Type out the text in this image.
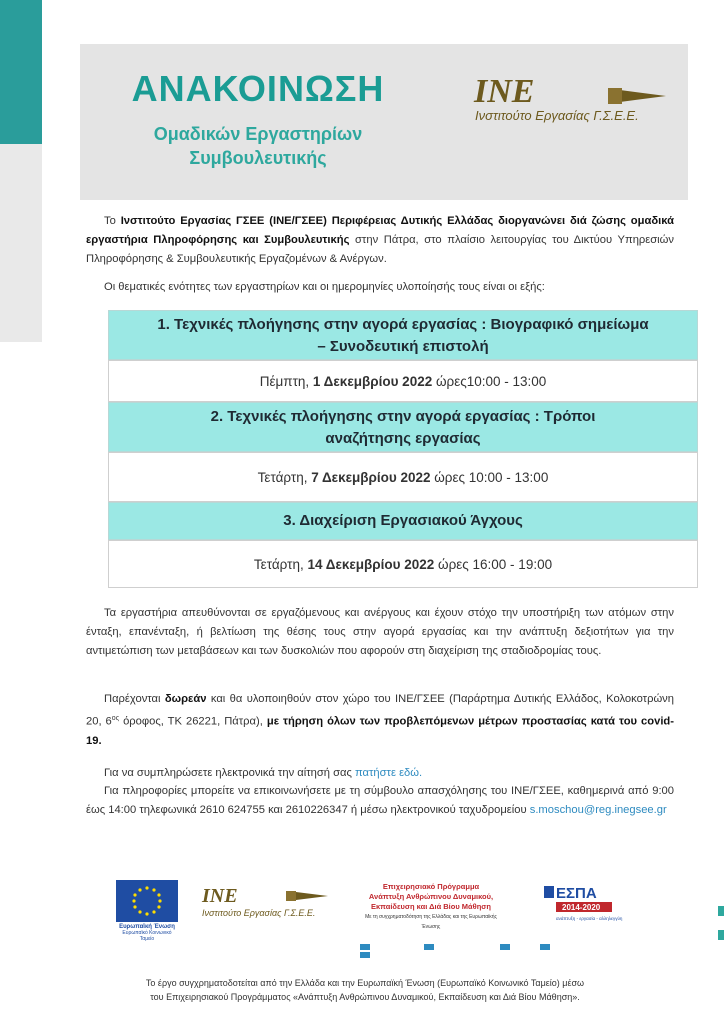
ΑΝΑΚΟΙΝΩΣΗ
Ομαδικών Εργαστηρίων
Συμβουλευτικής
INE
Ινστιτούτο Εργασίας Γ.Σ.Ε.Ε.
Το Ινστιτούτο Εργασίας ΓΣΕΕ (ΙΝΕ/ΓΣΕΕ) Περιφέρειας Δυτικής Ελλάδας διοργανώνει διά ζώσης ομαδικά εργαστήρια Πληροφόρησης και Συμβουλευτικής στην Πάτρα, στο πλαίσιο λειτουργίας του Δικτύου Υπηρεσιών Πληροφόρησης & Συμβουλευτικής Εργαζομένων & Ανέργων.
Οι θεματικές ενότητες των εργαστηρίων και οι ημερομηνίες υλοποίησής τους είναι οι εξής:
1. Τεχνικές πλοήγησης στην αγορά εργασίας : Βιογραφικό σημείωμα
– Συνοδευτική επιστολή
Πέμπτη, 1 Δεκεμβρίου 2022 ώρες10:00 - 13:00
2. Τεχνικές πλοήγησης στην αγορά εργασίας : Τρόποι
αναζήτησης εργασίας
Τετάρτη, 7 Δεκεμβρίου 2022 ώρες 10:00 - 13:00
3. Διαχείριση Εργασιακού Άγχους
Τετάρτη, 14 Δεκεμβρίου 2022 ώρες 16:00 - 19:00
Τα εργαστήρια απευθύνονται σε εργαζόμενους και ανέργους και έχουν στόχο την υποστήριξη των ατόμων στην ένταξη, επανένταξη, ή βελτίωση της θέσης τους στην αγορά εργασίας και την ανάπτυξη δεξιοτήτων για την αντιμετώπιση των μεταβάσεων και των δυσκολιών που αφορούν στη διαχείριση της σταδιοδρομίας τους.
Παρέχονται δωρεάν και θα υλοποιηθούν στον χώρο του ΙΝΕ/ΓΣΕΕ (Παράρτημα Δυτικής Ελλάδος, Κολοκοτρώνη 20, $6^{o\varsigma}$ όροφος, ΤΚ 26221, Πάτρα), με τήρηση όλων των προβλεπόμενων μέτρων προστασίας κατά του covid-19.
Για να συμπληρώσετε ηλεκτρονικά την αίτησή σας πατήστε εδώ.
Για πληροφορίες μπορείτε να επικοινωνήσετε με τη σύμβουλο απασχόλησης του ΙΝΕ/ΓΣΕΕ, καθημερινά από 9:00 έως 14:00 τηλεφωνικά 2610 624755 και 2610226347 ή μέσω ηλεκτρονικού ταχυδρομείου s.moschou@reg.inegsee.gr
Ευρωπαϊκή Ένωση
Ευρωπαϊκό Κοινωνικό Ταμείο
INE
Ινστιτούτο Εργασίας Γ.Σ.Ε.Ε.
Επιχειρησιακό Πρόγραμμα
Ανάπτυξη Ανθρώπινου Δυναμικού,
Εκπαίδευση και Διά Βίου Μάθηση
Με τη συγχρηματοδότηση της Ελλάδας και της Ευρωπαϊκής Ένωσης
ΕΣΠΑ
2014-2020
ανάπτυξη - εργασία - αλληλεγγύη
Το έργο συγχρηματοδοτείται από την Ελλάδα και την Ευρωπαϊκή Ένωση (Ευρωπαϊκό Κοινωνικό Ταμείο) μέσω
του Επιχειρησιακού Προγράμματος «Ανάπτυξη Ανθρώπινου Δυναμικού, Εκπαίδευση και Διά Βίου Μάθηση».
